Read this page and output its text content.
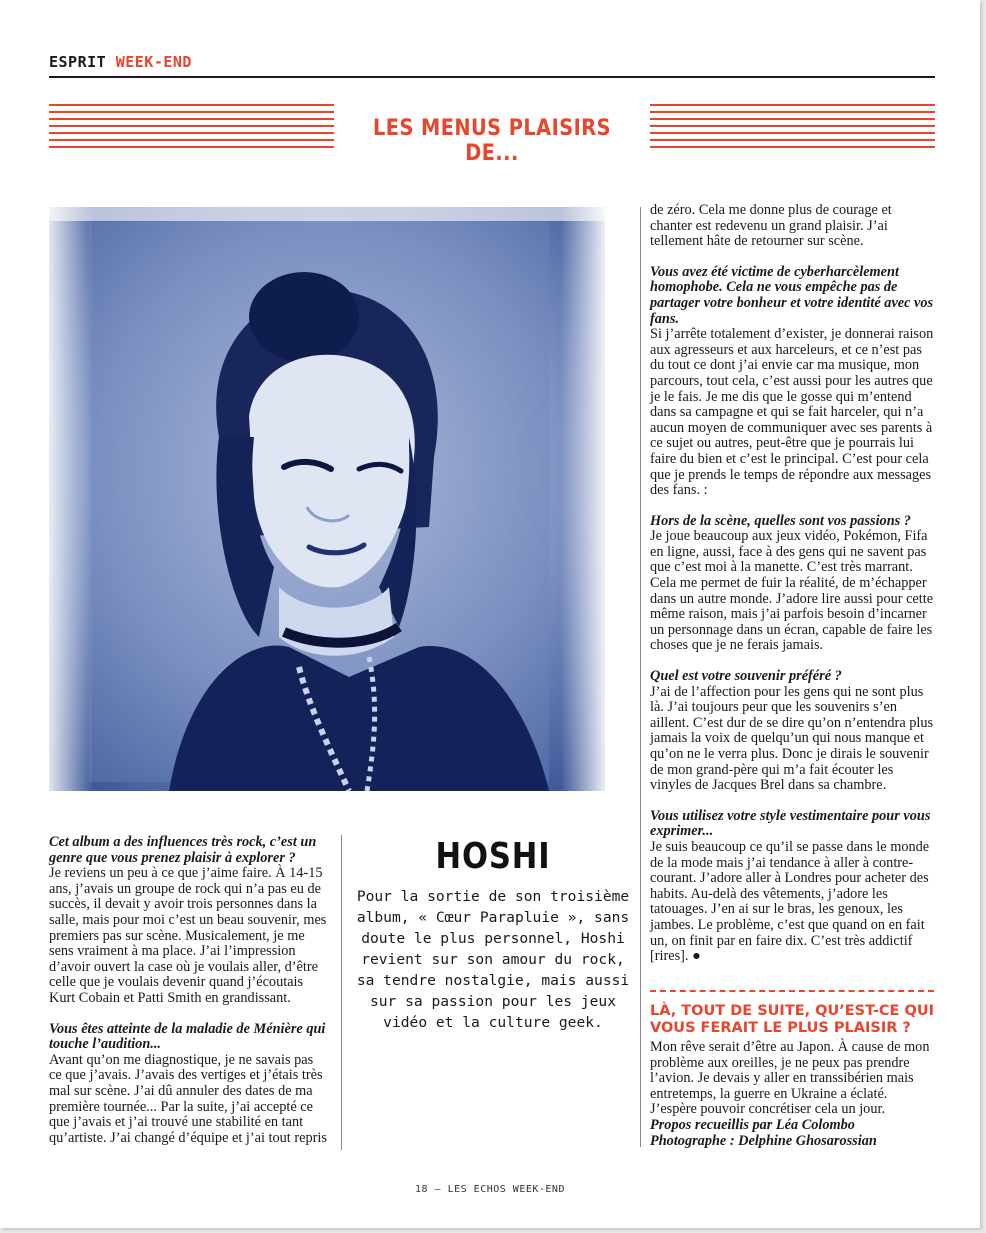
ESPRIT WEEK-END
LES MENUS PLAISIRS DE...

Cet album a des influences très rock, c’est un genre que vous prenez plaisir à explorer ?
Je reviens un peu à ce que j’aime faire. À 14-15 ans, j’avais un groupe de rock qui n’a pas eu de succès, il devait y avoir trois personnes dans la salle, mais pour moi c’est un beau souvenir, mes premiers pas sur scène. Musicalement, je me sens vraiment à ma place. J’ai l’impression d’avoir ouvert la case où je voulais aller, d’être celle que je voulais devenir quand j’écoutais Kurt Cobain et Patti Smith en grandissant.

Vous êtes atteinte de la maladie de Ménière qui touche l’audition...
Avant qu’on me diagnostique, je ne savais pas ce que j’avais. J’avais des vertiges et j’étais très mal sur scène. J’ai dû annuler des dates de ma première tournée... Par la suite, j’ai accepté ce que j’avais et j’ai trouvé une stabilité en tant qu’artiste. J’ai changé d’équipe et j’ai tout repris

HOSHI
Pour la sortie de son troisième album, « Cœur Parapluie », sans doute le plus personnel, Hoshi revient sur son amour du rock, sa tendre nostalgie, mais aussi sur sa passion pour les jeux vidéo et la culture geek.

de zéro. Cela me donne plus de courage et chanter est redevenu un grand plaisir. J’ai tellement hâte de retourner sur scène.

Vous avez été victime de cyberharcèlement homophobe. Cela ne vous empêche pas de partager votre bonheur et votre identité avec vos fans.
Si j’arrête totalement d’exister, je donnerai raison aux agresseurs et aux harceleurs, et ce n’est pas du tout ce dont j’ai envie car ma musique, mon parcours, tout cela, c’est aussi pour les autres que je le fais. Je me dis que le gosse qui m’entend dans sa campagne et qui se fait harceler, qui n’a aucun moyen de communiquer avec ses parents à ce sujet ou autres, peut-être que je pourrais lui faire du bien et c’est le principal. C’est pour cela que je prends le temps de répondre aux messages des fans. :

Hors de la scène, quelles sont vos passions ?
Je joue beaucoup aux jeux vidéo, Pokémon, Fifa en ligne, aussi, face à des gens qui ne savent pas que c’est moi à la manette. C’est très marrant. Cela me permet de fuir la réalité, de m’échapper dans un autre monde. J’adore lire aussi pour cette même raison, mais j’ai parfois besoin d’incarner un personnage dans un écran, capable de faire les choses que je ne ferais jamais.

Quel est votre souvenir préféré ?
J’ai de l’affection pour les gens qui ne sont plus là. J’ai toujours peur que les souvenirs s’en aillent. C’est dur de se dire qu’on n’entendra plus jamais la voix de quelqu’un qui nous manque et qu’on ne le verra plus. Donc je dirais le souvenir de mon grand-père qui m’a fait écouter les vinyles de Jacques Brel dans sa chambre.

Vous utilisez votre style vestimentaire pour vous exprimer...
Je suis beaucoup ce qu’il se passe dans le monde de la mode mais j’ai tendance à aller à contre-courant. J’adore aller à Londres pour acheter des habits. Au-delà des vêtements, j’adore les tatouages. J’en ai sur le bras, les genoux, les jambes. Le problème, c’est que quand on en fait un, on finit par en faire dix. C’est très addictif [rires]. ●

LÀ, TOUT DE SUITE, QU’EST-CE QUI VOUS FERAIT LE PLUS PLAISIR ?
Mon rêve serait d’être au Japon. À cause de mon problème aux oreilles, je ne peux pas prendre l’avion. Je devais y aller en transsibérien mais entretemps, la guerre en Ukraine a éclaté. J’espère pouvoir concrétiser cela un jour.
Propos recueillis par Léa Colombo
Photographe : Delphine Ghosarossian
18 – LES ECHOS WEEK-END
